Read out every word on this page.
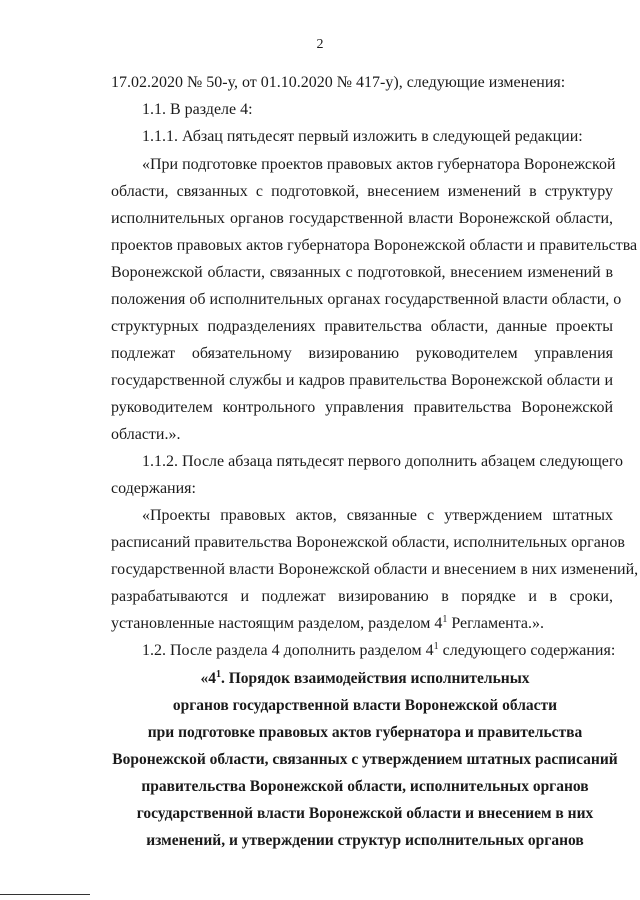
2
17.02.2020 № 50-у, от 01.10.2020 № 417-у), следующие изменения:
1.1. В разделе 4:
1.1.1. Абзац пятьдесят первый изложить в следующей редакции:
«При подготовке проектов правовых актов губернатора Воронежской
области, связанных с подготовкой, внесением изменений в структуру
исполнительных органов государственной власти Воронежской области,
проектов правовых актов губернатора Воронежской области и правительства
Воронежской области, связанных с подготовкой, внесением изменений в
положения об исполнительных органах государственной власти области, о
структурных подразделениях правительства области, данные проекты
подлежат обязательному визированию руководителем управления
государственной службы и кадров правительства Воронежской области и
руководителем контрольного управления правительства Воронежской
области.».
1.1.2. После абзаца пятьдесят первого дополнить абзацем следующего
содержания:
«Проекты правовых актов, связанные с утверждением штатных
расписаний правительства Воронежской области, исполнительных органов
государственной власти Воронежской области и внесением в них изменений,
разрабатываются и подлежат визированию в порядке и в сроки,
установленные настоящим разделом, разделом $4^1$ Регламента.».
1.2. После раздела 4 дополнить разделом $4^1$ следующего содержания:
«$4^1$. Порядок взаимодействия исполнительных
органов государственной власти Воронежской области
при подготовке правовых актов губернатора и правительства
Воронежской области, связанных с утверждением штатных расписаний
правительства Воронежской области, исполнительных органов
государственной власти Воронежской области и внесением в них
изменений, и утверждении структур исполнительных органов
